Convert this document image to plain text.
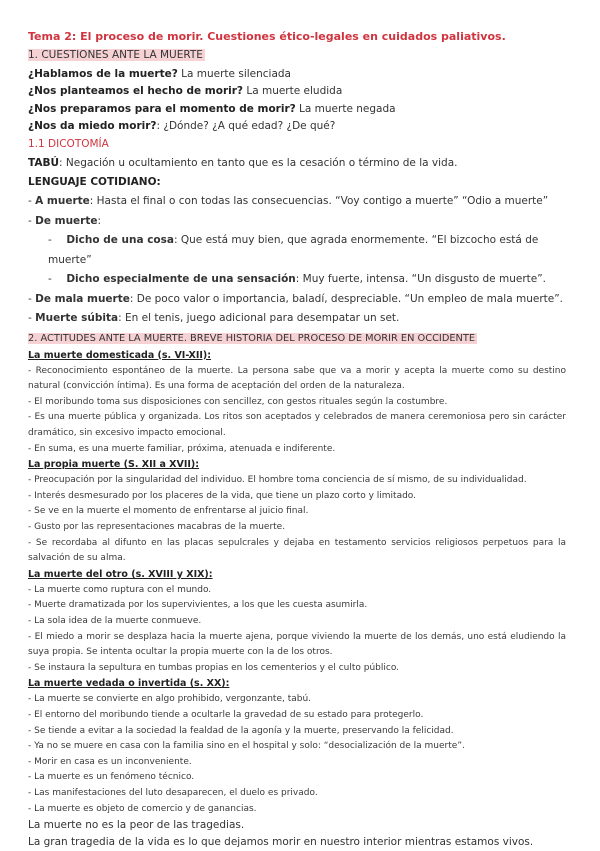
Tema 2: El proceso de morir. Cuestiones ético-legales en cuidados paliativos.
1. CUESTIONES ANTE LA MUERTE
¿Hablamos de la muerte? La muerte silenciada
¿Nos planteamos el hecho de morir? La muerte eludida
¿Nos preparamos para el momento de morir? La muerte negada
¿Nos da miedo morir?: ¿Dónde? ¿A qué edad? ¿De qué?
1.1 DICOTOMÍA
TABÚ: Negación u ocultamiento en tanto que es la cesación o término de la vida.
LENGUAJE COTIDIANO:
- A muerte: Hasta el final o con todas las consecuencias. “Voy contigo a muerte” “Odio a muerte”
- De muerte:
- Dicho de una cosa: Que está muy bien, que agrada enormemente. “El bizcocho está de muerte”
- Dicho especialmente de una sensación: Muy fuerte, intensa. “Un disgusto de muerte”.
- De mala muerte: De poco valor o importancia, baladí, despreciable. “Un empleo de mala muerte”.
- Muerte súbita: En el tenis, juego adicional para desempatar un set.
2. ACTITUDES ANTE LA MUERTE. BREVE HISTORIA DEL PROCESO DE MORIR EN OCCIDENTE
La muerte domesticada (s. VI-XII):
- Reconocimiento espontáneo de la muerte. La persona sabe que va a morir y acepta la muerte como su destino natural (convicción íntima). Es una forma de aceptación del orden de la naturaleza.
- El moribundo toma sus disposiciones con sencillez, con gestos rituales según la costumbre.
- Es una muerte pública y organizada. Los ritos son aceptados y celebrados de manera ceremoniosa pero sin carácter dramático, sin excesivo impacto emocional.
- En suma, es una muerte familiar, próxima, atenuada e indiferente.
La propia muerte (S. XII a XVII):
- Preocupación por la singularidad del individuo. El hombre toma conciencia de sí mismo, de su individualidad.
- Interés desmesurado por los placeres de la vida, que tiene un plazo corto y limitado.
- Se ve en la muerte el momento de enfrentarse al juicio final.
- Gusto por las representaciones macabras de la muerte.
- Se recordaba al difunto en las placas sepulcrales y dejaba en testamento servicios religiosos perpetuos para la salvación de su alma.
La muerte del otro (s. XVIII y XIX):
- La muerte como ruptura con el mundo.
- Muerte dramatizada por los supervivientes, a los que les cuesta asumirla.
- La sola idea de la muerte conmueve.
- El miedo a morir se desplaza hacia la muerte ajena, porque viviendo la muerte de los demás, uno está eludiendo la suya propia. Se intenta ocultar la propia muerte con la de los otros.
- Se instaura la sepultura en tumbas propias en los cementerios y el culto público.
La muerte vedada o invertida (s. XX):
- La muerte se convierte en algo prohibido, vergonzante, tabú.
- El entorno del moribundo tiende a ocultarle la gravedad de su estado para protegerlo.
- Se tiende a evitar a la sociedad la fealdad de la agonía y la muerte, preservando la felicidad.
- Ya no se muere en casa con la familia sino en el hospital y solo: “desocialización de la muerte”.
- Morir en casa es un inconveniente.
- La muerte es un fenómeno técnico.
- Las manifestaciones del luto desaparecen, el duelo es privado.
- La muerte es objeto de comercio y de ganancias.
La muerte no es la peor de las tragedias.
La gran tragedia de la vida es lo que dejamos morir en nuestro interior mientras estamos vivos.
